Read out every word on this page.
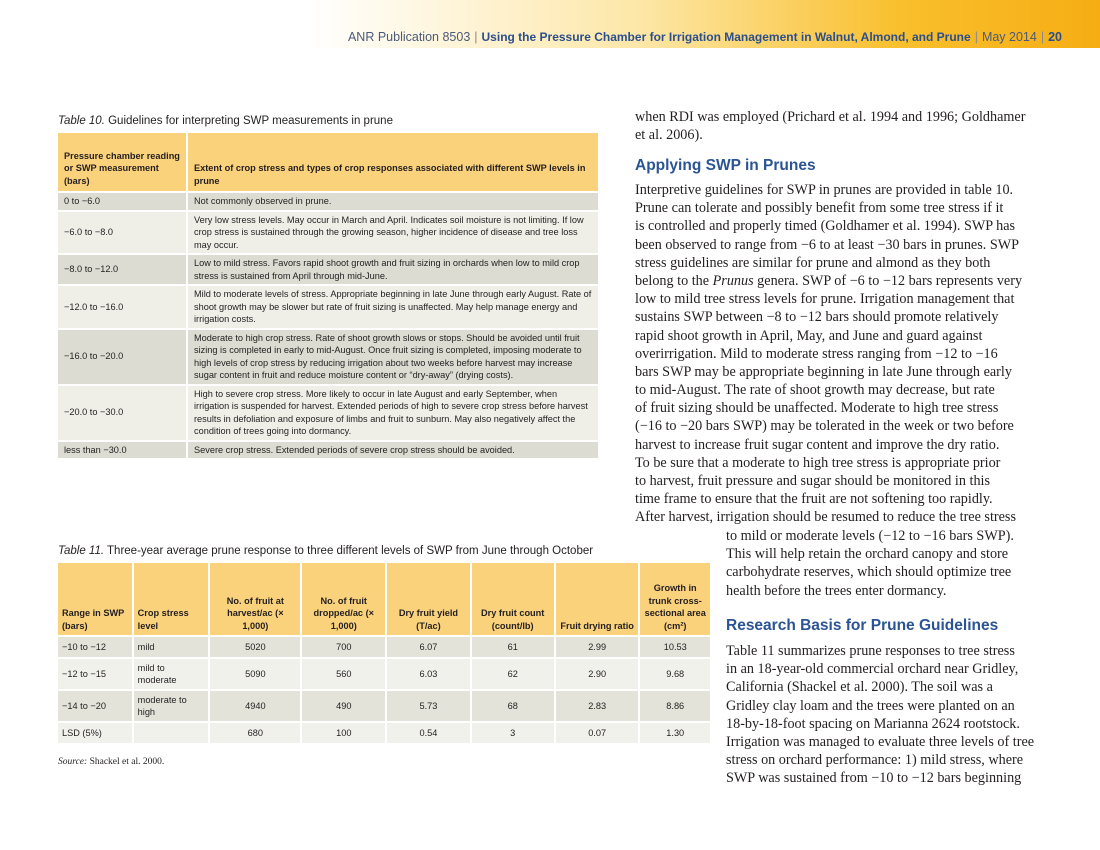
ANR Publication 8503 | Using the Pressure Chamber for Irrigation Management in Walnut, Almond, and Prune | May 2014 | 20
Table 10. Guidelines for interpreting SWP measurements in prune
Pressure chamber reading or SWP measurement (bars)	Extent of crop stress and types of crop responses associated with different SWP levels in prune
0 to −6.0	Not commonly observed in prune.
−6.0 to −8.0	Very low stress levels. May occur in March and April. Indicates soil moisture is not limiting. If low crop stress is sustained through the growing season, higher incidence of disease and tree loss may occur.
−8.0 to −12.0	Low to mild stress. Favors rapid shoot growth and fruit sizing in orchards when low to mild crop stress is sustained from April through mid-June.
−12.0 to −16.0	Mild to moderate levels of stress. Appropriate beginning in late June through early August. Rate of shoot growth may be slower but rate of fruit sizing is unaffected. May help manage energy and irrigation costs.
−16.0 to −20.0	Moderate to high crop stress. Rate of shoot growth slows or stops. Should be avoided until fruit sizing is completed in early to mid-August. Once fruit sizing is completed, imposing moderate to high levels of crop stress by reducing irrigation about two weeks before harvest may increase sugar content in fruit and reduce moisture content or “dry-away” (drying costs).
−20.0 to −30.0	High to severe crop stress. More likely to occur in late August and early September, when irrigation is suspended for harvest. Extended periods of high to severe crop stress before harvest results in defoliation and exposure of limbs and fruit to sunburn. May also negatively affect the condition of trees going into dormancy.
less than −30.0	Severe crop stress. Extended periods of severe crop stress should be avoided.
Table 11. Three-year average prune response to three different levels of SWP from June through October
Range in SWP (bars)	Crop stress level	No. of fruit at harvest/ac (× 1,000)	No. of fruit dropped/ac (× 1,000)	Dry fruit yield (T/ac)	Dry fruit count (count/lb)	Fruit drying ratio	Growth in trunk cross-sectional area (cm²)
−10 to −12	mild	5020	700	6.07	61	2.99	10.53
−12 to −15	mild to moderate	5090	560	6.03	62	2.90	9.68
−14 to −20	moderate to high	4940	490	5.73	68	2.83	8.86
LSD (5%)		680	100	0.54	3	0.07	1.30
Source: Shackel et al. 2000.
when RDI was employed (Prichard et al. 1994 and 1996; Goldhamer
et al. 2006).
Applying SWP in Prunes
Interpretive guidelines for SWP in prunes are provided in table 10.
Prune can tolerate and possibly benefit from some tree stress if it
is controlled and properly timed (Goldhamer et al. 1994). SWP has
been observed to range from −6 to at least −30 bars in prunes. SWP
stress guidelines are similar for prune and almond as they both
belong to the Prunus genera. SWP of −6 to −12 bars represents very
low to mild tree stress levels for prune. Irrigation management that
sustains SWP between −8 to −12 bars should promote relatively
rapid shoot growth in April, May, and June and guard against
overirrigation. Mild to moderate stress ranging from −12 to −16
bars SWP may be appropriate beginning in late June through early
to mid-August. The rate of shoot growth may decrease, but rate
of fruit sizing should be unaffected. Moderate to high tree stress
(−16 to −20 bars SWP) may be tolerated in the week or two before
harvest to increase fruit sugar content and improve the dry ratio.
To be sure that a moderate to high tree stress is appropriate prior
to harvest, fruit pressure and sugar should be monitored in this
time frame to ensure that the fruit are not softening too rapidly.
After harvest, irrigation should be resumed to reduce the tree stress
to mild or moderate levels (−12 to −16 bars SWP).
This will help retain the orchard canopy and store
carbohydrate reserves, which should optimize tree
health before the trees enter dormancy.
Research Basis for Prune Guidelines
Table 11 summarizes prune responses to tree stress
in an 18-year-old commercial orchard near Gridley,
California (Shackel et al. 2000). The soil was a
Gridley clay loam and the trees were planted on an
18-by-18-foot spacing on Marianna 2624 rootstock.
Irrigation was managed to evaluate three levels of tree
stress on orchard performance: 1) mild stress, where
SWP was sustained from −10 to −12 bars beginning
